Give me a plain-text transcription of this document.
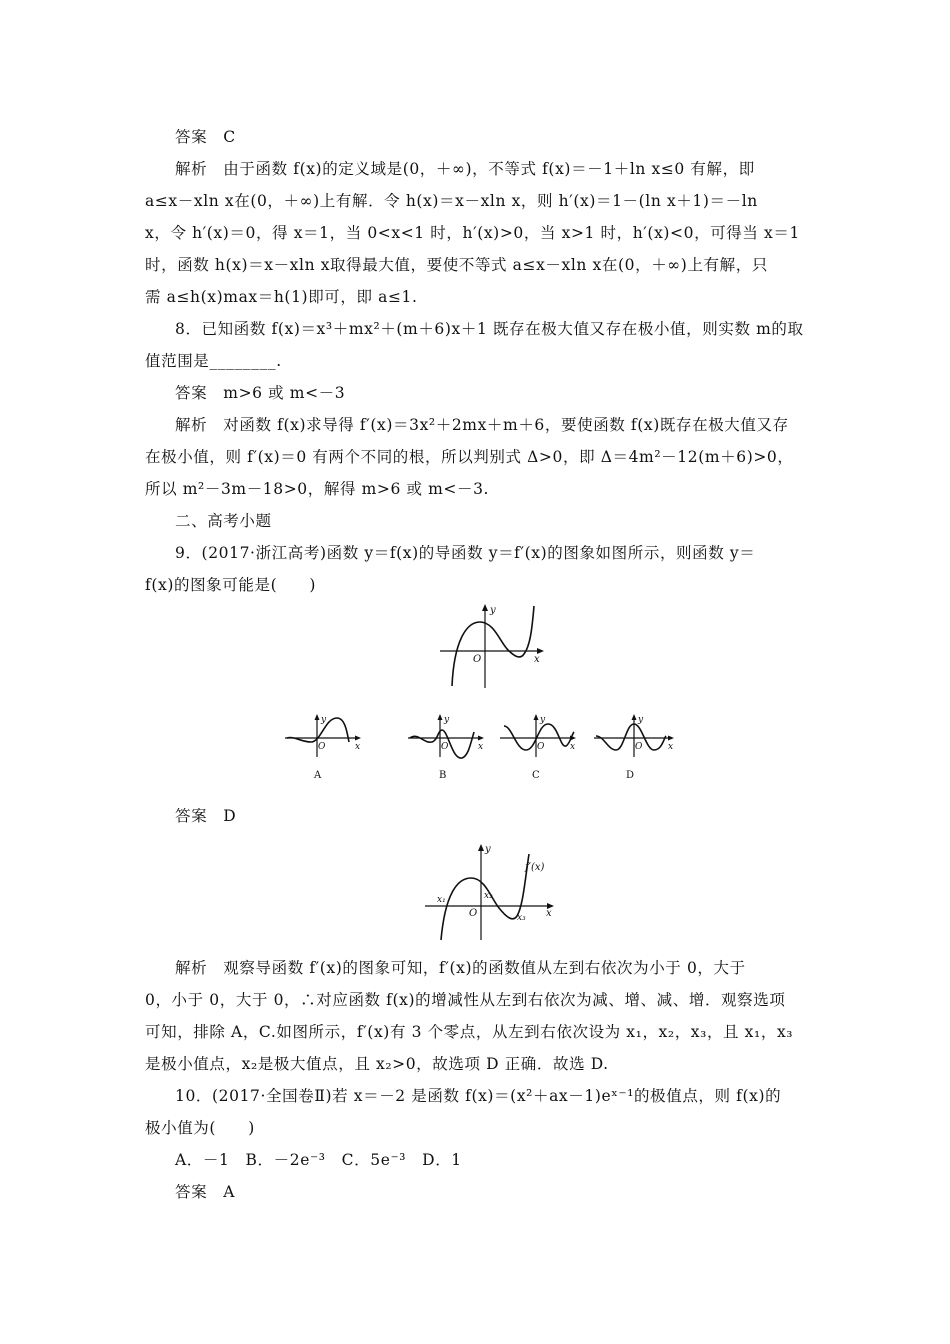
答案　C
解析　由于函数 f(x)的定义域是(0，＋∞)，不等式 f(x)＝－1＋ln x≤0 有解，即
a≤x－xln x在(0，＋∞)上有解．令 h(x)＝x－xln x，则 h′(x)＝1－(ln x＋1)＝－ln
x，令 h′(x)＝0，得 x＝1，当 0<x<1 时，h′(x)>0，当 x>1 时，h′(x)<0，可得当 x＝1
时，函数 h(x)＝x－xln x取得最大值，要使不等式 a≤x－xln x在(0，＋∞)上有解，只
需 a≤h(x)max＝h(1)即可，即 a≤1.
8．已知函数 f(x)＝x³＋mx²＋(m＋6)x＋1 既存在极大值又存在极小值，则实数 m的取
值范围是________.
答案　m>6 或 m<－3
解析　对函数 f(x)求导得 f′(x)＝3x²＋2mx＋m＋6，要使函数 f(x)既存在极大值又存
在极小值，则 f′(x)＝0 有两个不同的根，所以判别式 Δ>0，即 Δ＝4m²－12(m＋6)>0，
所以 m²－3m－18>0，解得 m>6 或 m<－3.
二、高考小题
9．(2017·浙江高考)函数 y＝f(x)的导函数 y＝f′(x)的图象如图所示，则函数 y＝
f(x)的图象可能是(　　)
y
x
O
y
x
O
A
y
x
O
B
y
x
O
C
y
x
O
D
答案　D
y
x
O
f′(x)
x₁	x₂
x₃
解析　观察导函数 f′(x)的图象可知，f′(x)的函数值从左到右依次为小于 0，大于
0，小于 0，大于 0，∴对应函数 f(x)的增减性从左到右依次为减、增、减、增．观察选项
可知，排除 A，C.如图所示，f′(x)有 3 个零点，从左到右依次设为 x₁，x₂，x₃，且 x₁，x₃
是极小值点，x₂是极大值点，且 x₂>0，故选项 D 正确．故选 D.
10．(2017·全国卷Ⅱ)若 x＝－2 是函数 f(x)＝(x²＋ax－1)eˣ⁻¹的极值点，则 f(x)的
极小值为(　　)
A．－1　B．－2e⁻³　C．5e⁻³　D．1
答案　A
